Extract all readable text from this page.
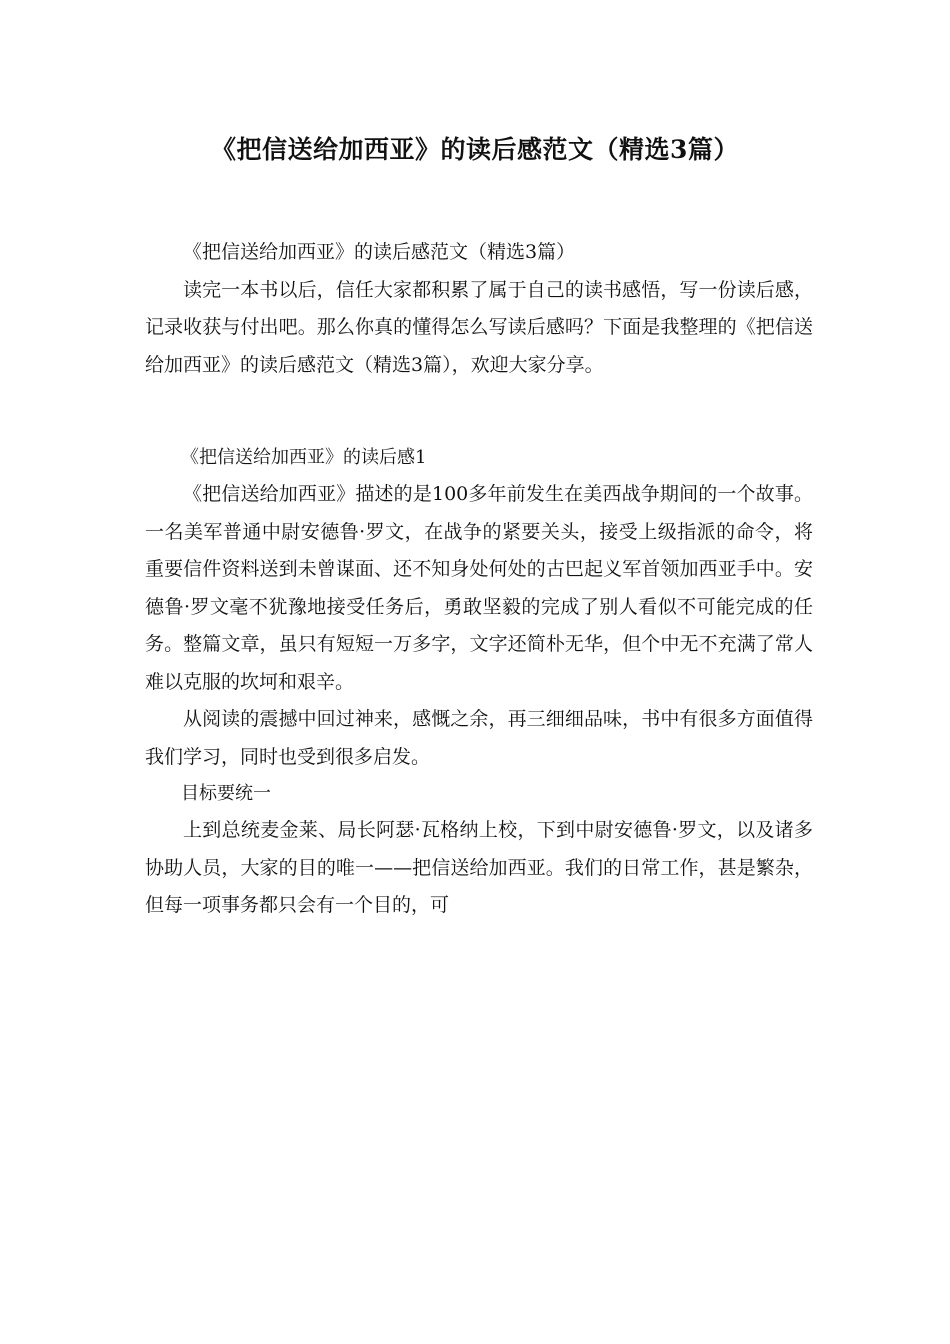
《把信送给加西亚》的读后感范文（精选3篇）

《把信送给加西亚》的读后感范文（精选3篇）

读完一本书以后，信任大家都积累了属于自己的读书感悟，写一份读后感，记录收获与付出吧。那么你真的懂得怎么写读后感吗？下面是我整理的《把信送给加西亚》的读后感范文（精选3篇），欢迎大家分享。

《把信送给加西亚》的读后感1

《把信送给加西亚》描述的是100多年前发生在美西战争期间的一个故事。一名美军普通中尉安德鲁·罗文，在战争的紧要关头，接受上级指派的命令，将重要信件资料送到未曾谋面、还不知身处何处的古巴起义军首领加西亚手中。安德鲁·罗文毫不犹豫地接受任务后，勇敢坚毅的完成了别人看似不可能完成的任务。整篇文章，虽只有短短一万多字，文字还简朴无华，但个中无不充满了常人难以克服的坎坷和艰辛。

从阅读的震撼中回过神来，感慨之余，再三细细品味，书中有很多方面值得我们学习，同时也受到很多启发。

目标要统一

上到总统麦金莱、局长阿瑟·瓦格纳上校，下到中尉安德鲁·罗文，以及诸多协助人员，大家的目的唯一——把信送给加西亚。我们的日常工作，甚是繁杂，但每一项事务都只会有一个目的，可
